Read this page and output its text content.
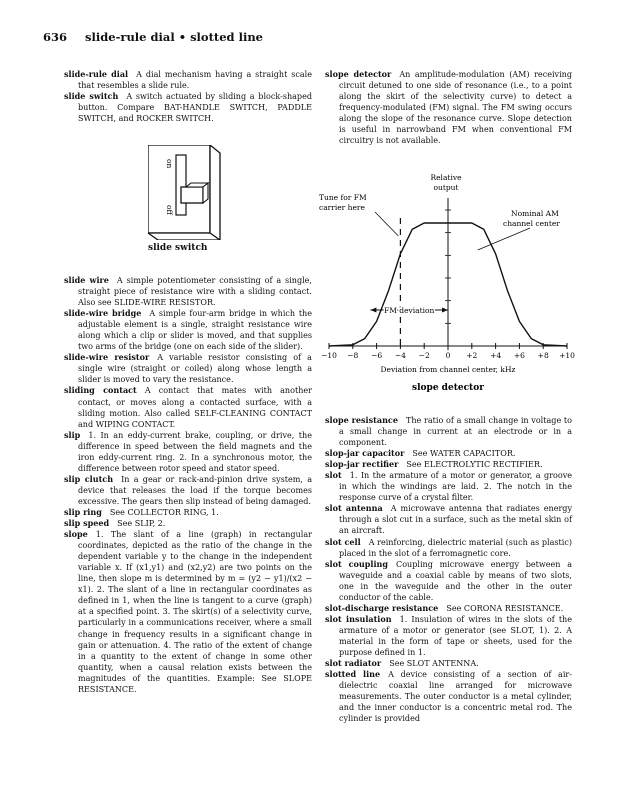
636 slide-rule dial • slotted line

slide-rule dial  A dial mechanism having a straight scale that resembles a slide rule.

slide switch  A switch actuated by sliding a block-shaped button. Compare BAT-HANDLE SWITCH, PADDLE SWITCH, and ROCKER SWITCH.

on
off
slide switch

slide wire  A simple potentiometer consisting of a single, straight piece of resistance wire with a sliding contact. Also see SLIDE-WIRE RESISTOR.

slide-wire bridge  A simple four-arm bridge in which the adjustable element is a single, straight resistance wire along which a clip or slider is moved, and that supplies two arms of the bridge (one on each side of the slider).

slide-wire resistor  A variable resistor consisting of a single wire (straight or coiled) along whose length a slider is moved to vary the resistance.

sliding contact  A contact that mates with another contact, or moves along a contacted surface, with a sliding motion. Also called SELF-CLEANING CONTACT and WIPING CONTACT.

slip  1. In an eddy-current brake, coupling, or drive, the difference in speed between the field magnets and the iron eddy-current ring. 2. In a synchronous motor, the difference between rotor speed and stator speed.

slip clutch  In a gear or rack-and-pinion drive system, a device that releases the load if the torque becomes excessive. The gears then slip instead of being damaged.

slip ring  See COLLECTOR RING, 1.

slip speed  See SLIP, 2.

slope  1. The slant of a line (graph) in rectangular coordinates, depicted as the ratio of the change in the dependent variable y to the change in the independent variable x. If (x1,y1) and (x2,y2) are two points on the line, then slope m is determined by m = (y2 − y1)/(x2 − x1). 2. The slant of a line in rectangular coordinates as defined in 1, when the line is tangent to a curve (graph) at a specified point. 3. The skirt(s) of a selectivity curve, particularly in a communications receiver, where a small change in frequency results in a significant change in gain or attenuation. 4. The ratio of the extent of change in a quantity to the extent of change in some other quantity, when a causal relation exists between the magnitudes of the quantities. Example: See SLOPE RESISTANCE.

slope detector  An amplitude-modulation (AM) receiving circuit detuned to one side of resonance (i.e., to a point along the skirt of the selectivity curve) to detect a frequency-modulated (FM) signal. The FM swing occurs along the slope of the resonance curve. Slope detection is useful in narrowband FM when conventional FM circuitry is not available.

Relative
output
Tune for FM
carrier here
Nominal AM
channel center
−10 −8 −6 −4 −2 0 +2 +4 +6 +8 +10
FM deviation
Deviation from channel center, kHz
slope detector

slope resistance  The ratio of a small change in voltage to a small change in current at an electrode or in a component.

slop-jar capacitor  See WATER CAPACITOR.

slop-jar rectifier  See ELECTROLYTIC RECTIFIER.

slot  1. In the armature of a motor or generator, a groove in which the windings are laid. 2. The notch in the response curve of a crystal filter.

slot antenna  A microwave antenna that radiates energy through a slot cut in a surface, such as the metal skin of an aircraft.

slot cell  A reinforcing, dielectric material (such as plastic) placed in the slot of a ferromagnetic core.

slot coupling  Coupling microwave energy between a waveguide and a coaxial cable by means of two slots, one in the waveguide and the other in the outer conductor of the cable.

slot-discharge resistance  See CORONA RESISTANCE.

slot insulation  1. Insulation of wires in the slots of the armature of a motor or generator (see SLOT, 1). 2. A material in the form of tape or sheets, used for the purpose defined in 1.

slot radiator  See SLOT ANTENNA.

slotted line  A device consisting of a section of air-dielectric coaxial line arranged for microwave measurements. The outer conductor is a metal cylinder, and the inner conductor is a concentric metal rod. The cylinder is provided
